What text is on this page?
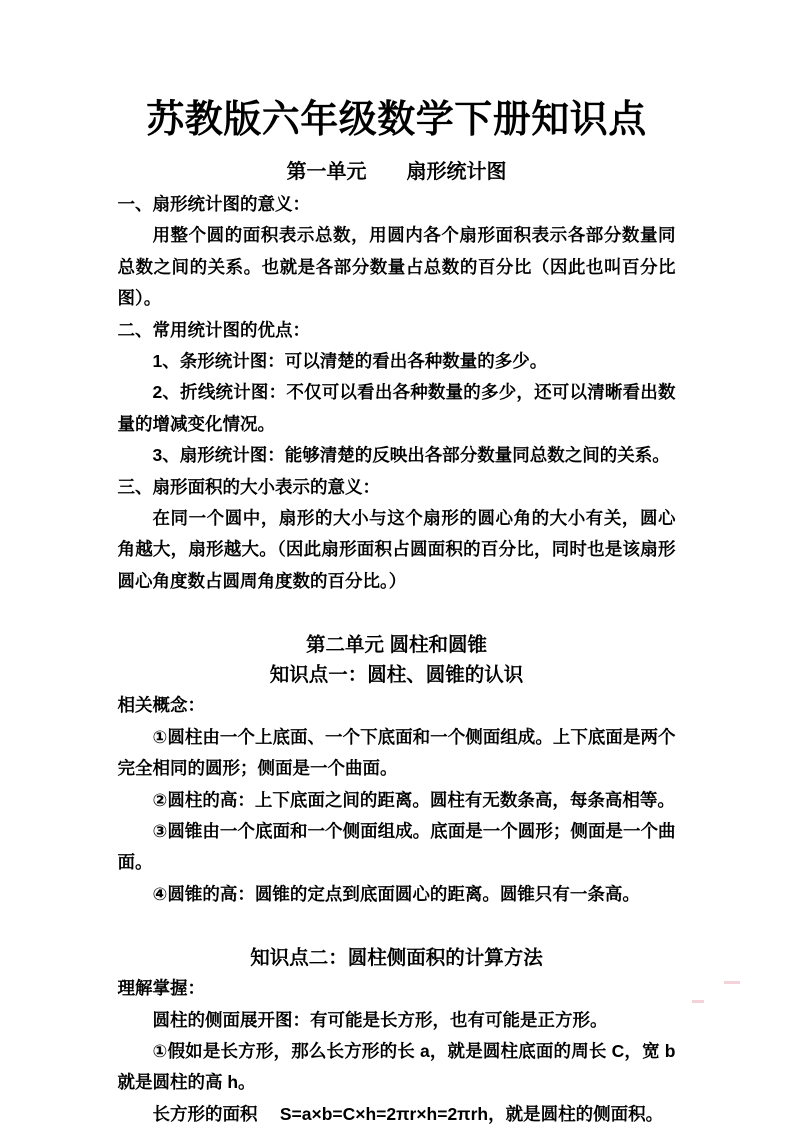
苏教版六年级数学下册知识点
第一单元　　扇形统计图

一、扇形统计图的意义：

用整个圆的面积表示总数，用圆内各个扇形面积表示各部分数量同总数之间的关系。也就是各部分数量占总数的百分比（因此也叫百分比图）。

二、常用统计图的优点：

1、条形统计图：可以清楚的看出各种数量的多少。

2、折线统计图：不仅可以看出各种数量的多少，还可以清晰看出数量的增减变化情况。

3、扇形统计图：能够清楚的反映出各部分数量同总数之间的关系。

三、扇形面积的大小表示的意义：

在同一个圆中，扇形的大小与这个扇形的圆心角的大小有关，圆心角越大，扇形越大。（因此扇形面积占圆面积的百分比，同时也是该扇形圆心角度数占圆周角度数的百分比。）

第二单元 圆柱和圆锥
知识点一：圆柱、圆锥的认识

相关概念：

①圆柱由一个上底面、一个下底面和一个侧面组成。上下底面是两个完全相同的圆形；侧面是一个曲面。

②圆柱的高：上下底面之间的距离。圆柱有无数条高，每条高相等。

③圆锥由一个底面和一个侧面组成。底面是一个圆形；侧面是一个曲面。

④圆锥的高：圆锥的定点到底面圆心的距离。圆锥只有一条高。

知识点二：圆柱侧面积的计算方法

理解掌握：

圆柱的侧面展开图：有可能是长方形，也有可能是正方形。

①假如是长方形，那么长方形的长 a，就是圆柱底面的周长 C，宽 b 就是圆柱的高 h。

长方形的面积　 S=a×b=C×h=2πr×h=2πrh，就是圆柱的侧面积。
